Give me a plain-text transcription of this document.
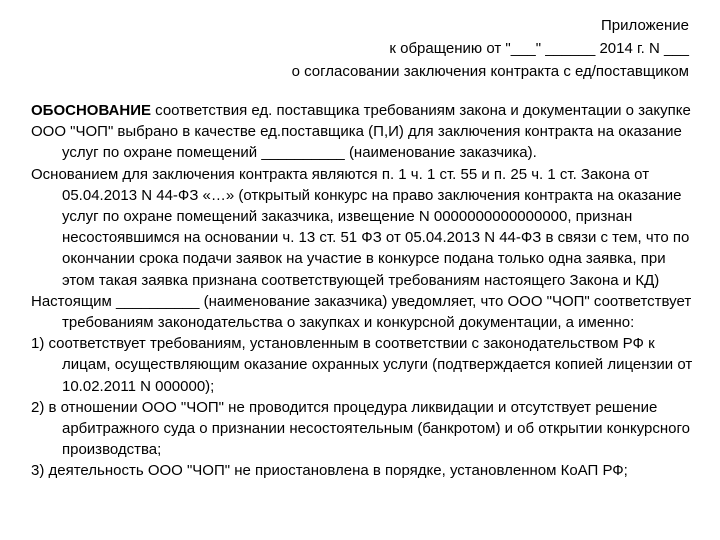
Приложение
к обращению от "___" ______ 2014 г. N ___
о согласовании заключения контракта с ед/поставщиком

ОБОСНОВАНИЕ соответствия ед. поставщика требованиям закона и документации о закупке

ООО "ЧОП" выбрано в качестве ед.поставщика (П,И) для заключения контракта на оказание услуг по охране помещений __________ (наименование заказчика).

Основанием для заключения контракта являются п. 1 ч. 1 ст. 55 и п. 25 ч. 1 ст. Закона от 05.04.2013 N 44-ФЗ «…» (открытый конкурс на право заключения контракта на оказание услуг по охране помещений заказчика, извещение N 0000000000000000, признан несостоявшимся на основании ч. 13 ст. 51 ФЗ от 05.04.2013 N 44-ФЗ в связи с тем, что по окончании срока подачи заявок на участие в конкурсе подана только одна заявка, при этом такая заявка признана соответствующей требованиям настоящего Закона и КД)

Настоящим __________ (наименование заказчика) уведомляет, что ООО "ЧОП" соответствует требованиям законодательства о закупках и конкурсной документации, а именно:

1) соответствует требованиям, установленным в соответствии с законодательством РФ к лицам, осуществляющим оказание охранных услуги (подтверждается копией лицензии от 10.02.2011 N 000000);

2) в отношении ООО "ЧОП" не проводится процедура ликвидации и отсутствует решение арбитражного суда о признании несостоятельным (банкротом) и об открытии конкурсного производства;

3) деятельность ООО "ЧОП" не приостановлена в порядке, установленном КоАП РФ;
